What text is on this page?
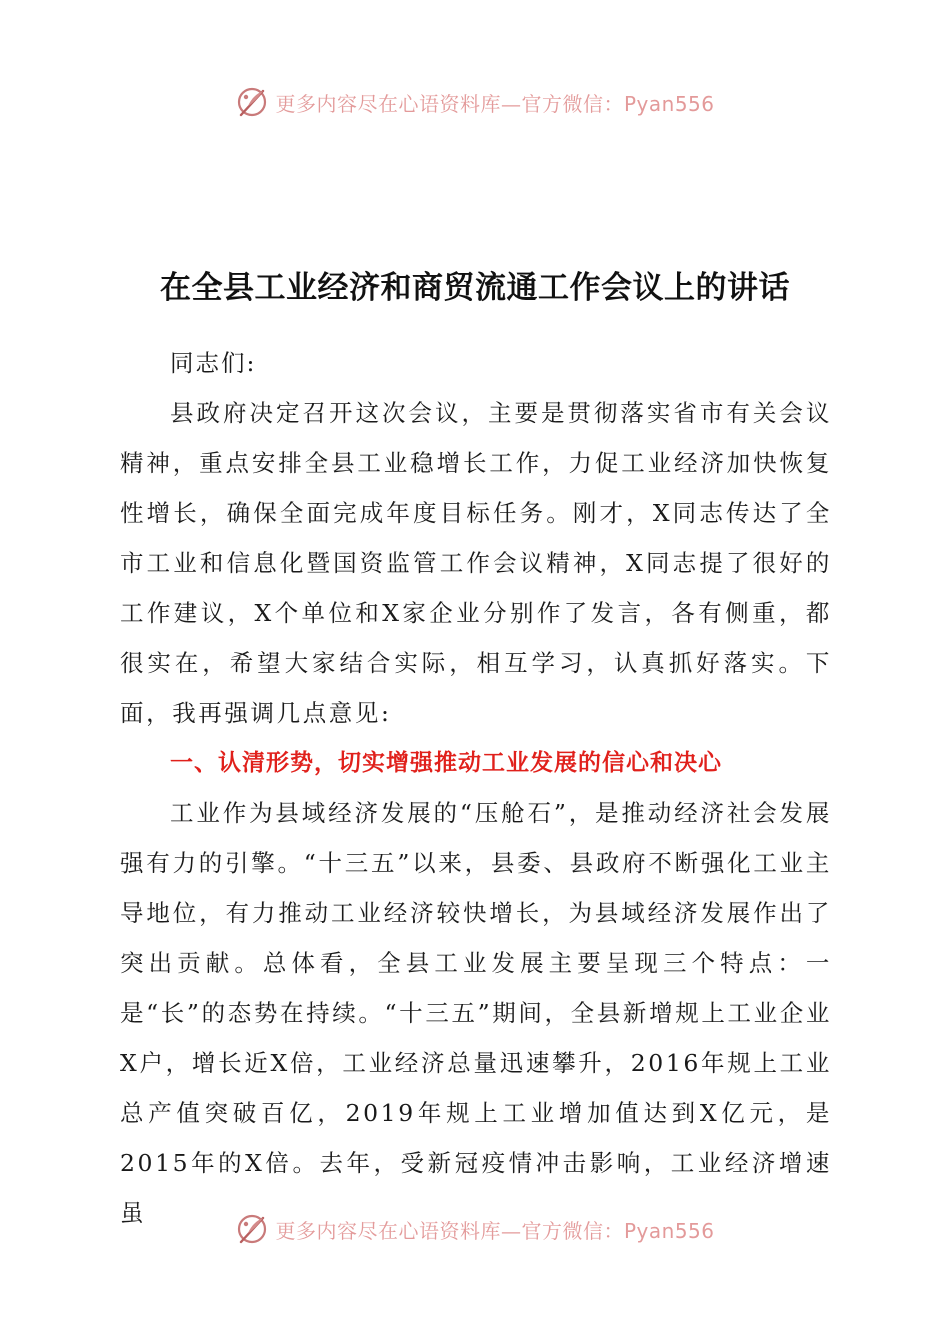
更多内容尽在心语资料库—官方微信：Pyan556
在全县工业经济和商贸流通工作会议上的讲话
同志们:
县政府决定召开这次会议，主要是贯彻落实省市有关会议精神，重点安排全县工业稳增长工作，力促工业经济加快恢复性增长，确保全面完成年度目标任务。刚才，X同志传达了全市工业和信息化暨国资监管工作会议精神，X同志提了很好的工作建议，X个单位和X家企业分别作了发言，各有侧重，都很实在，希望大家结合实际，相互学习，认真抓好落实。下面，我再强调几点意见:
一、认清形势，切实增强推动工业发展的信心和决心
工业作为县域经济发展的“压舱石”，是推动经济社会发展强有力的引擎。“十三五”以来，县委、县政府不断强化工业主导地位，有力推动工业经济较快增长，为县域经济发展作出了突出贡献。总体看，全县工业发展主要呈现三个特点：一是“长”的态势在持续。“十三五”期间，全县新增规上工业企业X户，增长近X倍，工业经济总量迅速攀升，2016年规上工业总产值突破百亿，2019年规上工业增加值达到X亿元，是2015年的X倍。去年，受新冠疫情冲击影响，工业经济增速虽
更多内容尽在心语资料库—官方微信：Pyan556
